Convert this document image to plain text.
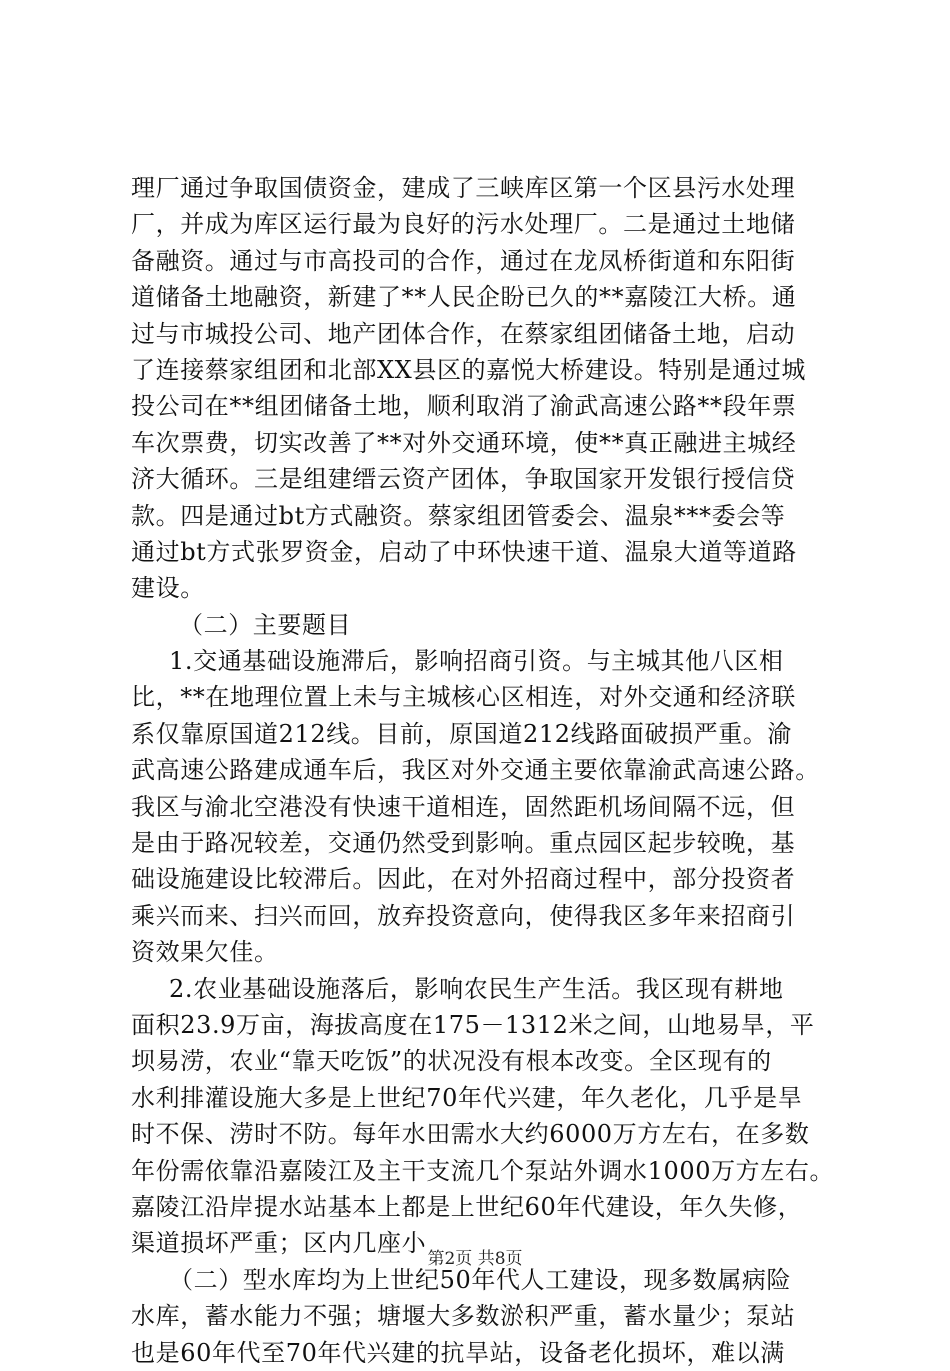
理厂通过争取国债资金，建成了三峡库区第一个区县污水处理
厂，并成为库区运行最为良好的污水处理厂。二是通过土地储
备融资。通过与市高投司的合作，通过在龙凤桥街道和东阳街
道储备土地融资，新建了**人民企盼已久的**嘉陵江大桥。通
过与市城投公司、地产团体合作，在蔡家组团储备土地，启动
了连接蔡家组团和北部XX县区的嘉悦大桥建设。特别是通过城
投公司在**组团储备土地，顺利取消了渝武高速公路**段年票
车次票费，切实改善了**对外交通环境，使**真正融进主城经
济大循环。三是组建缙云资产团体，争取国家开发银行授信贷
款。四是通过bt方式融资。蔡家组团管委会、温泉***委会等
通过bt方式张罗资金，启动了中环快速干道、温泉大道等道路
建设。
（二）主要题目
1.交通基础设施滞后，影响招商引资。与主城其他八区相
比，**在地理位置上未与主城核心区相连，对外交通和经济联
系仅靠原国道212线。目前，原国道212线路面破损严重。渝
武高速公路建成通车后，我区对外交通主要依靠渝武高速公路。
我区与渝北空港没有快速干道相连，固然距机场间隔不远，但
是由于路况较差，交通仍然受到影响。重点园区起步较晚，基
础设施建设比较滞后。因此，在对外招商过程中，部分投资者
乘兴而来、扫兴而回，放弃投资意向，使得我区多年来招商引
资效果欠佳。
2.农业基础设施落后，影响农民生产生活。我区现有耕地
面积23.9万亩，海拔高度在175－1312米之间，山地易旱，平
坝易涝，农业“靠天吃饭”的状况没有根本改变。全区现有的
水利排灌设施大多是上世纪70年代兴建，年久老化，几乎是旱
时不保、涝时不防。每年水田需水大约6000万方左右，在多数
年份需依靠沿嘉陵江及主干支流几个泵站外调水1000万方左右。
嘉陵江沿岸提水站基本上都是上世纪60年代建设，年久失修，
渠道损坏严重；区内几座小
（二）型水库均为上世纪50年代人工建设，现多数属病险
水库，蓄水能力不强；塘堰大多数淤积严重，蓄水量少；泵站
也是60年代至70年代兴建的抗旱站，设备老化损坏，难以满
第2页 共8页
